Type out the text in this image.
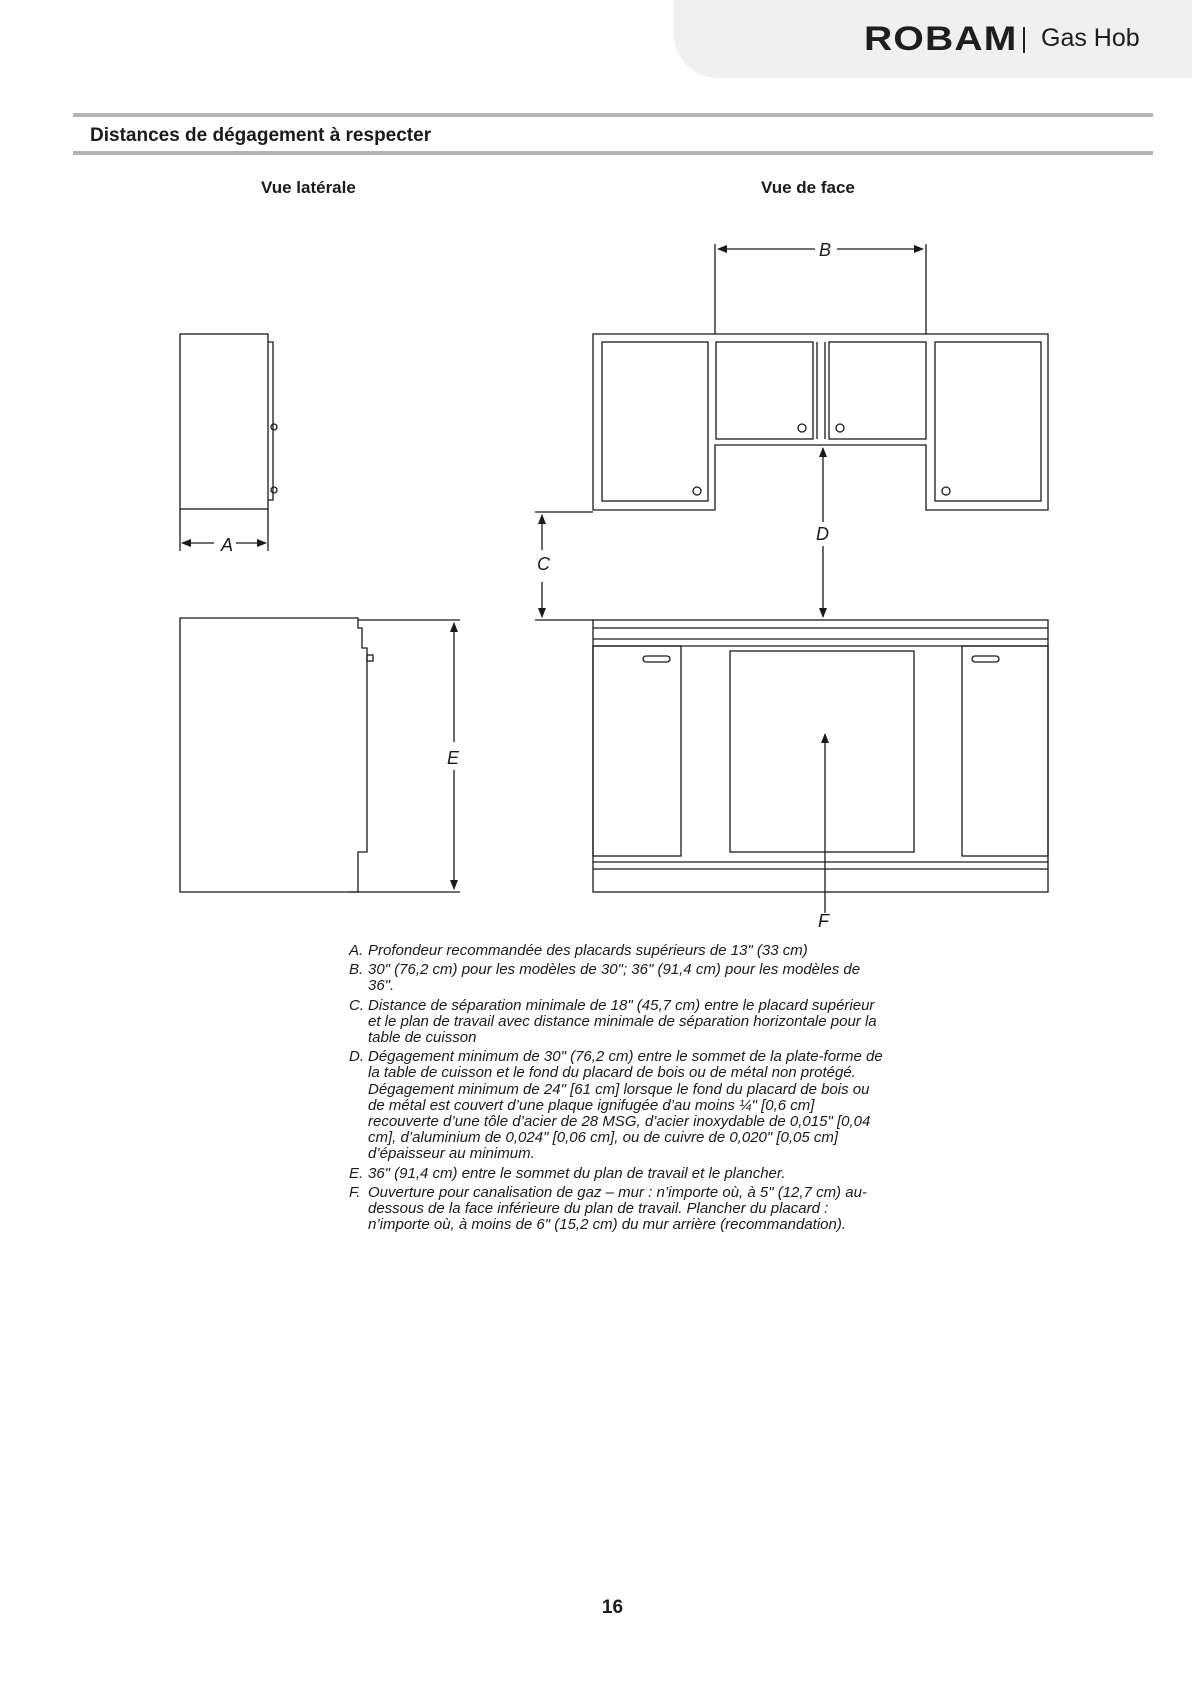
ROBAM Gas Hob
Distances de dégagement à respecter
Vue latérale	Vue de face
A
B
C
D
E
F
A. Profondeur recommandée des placards supérieurs de 13" (33 cm)
B. 30" (76,2 cm) pour les modèles de 30"; 36" (91,4 cm) pour les modèles de 36".
C. Distance de séparation minimale de 18" (45,7 cm) entre le placard supérieur et le plan de travail avec distance minimale de séparation horizontale pour la table de cuisson
D. Dégagement minimum de 30" (76,2 cm) entre le sommet de la plate-forme de la table de cuisson et le fond du placard de bois ou de métal non protégé.
Dégagement minimum de 24" [61 cm] lorsque le fond du placard de bois ou de métal est couvert d’une plaque ignifugée d’au moins ¼" [0,6 cm] recouverte d’une tôle d’acier de 28 MSG, d’acier inoxydable de 0,015" [0,04 cm], d’aluminium de 0,024" [0,06 cm], ou de cuivre de 0,020" [0,05 cm] d’épaisseur au minimum.
E. 36" (91,4 cm) entre le sommet du plan de travail et le plancher.
F. Ouverture pour canalisation de gaz – mur : n’importe où, à 5" (12,7 cm) au-dessous de la face inférieure du plan de travail. Plancher du placard : n’importe où, à moins de 6" (15,2 cm) du mur arrière (recommandation).
16
